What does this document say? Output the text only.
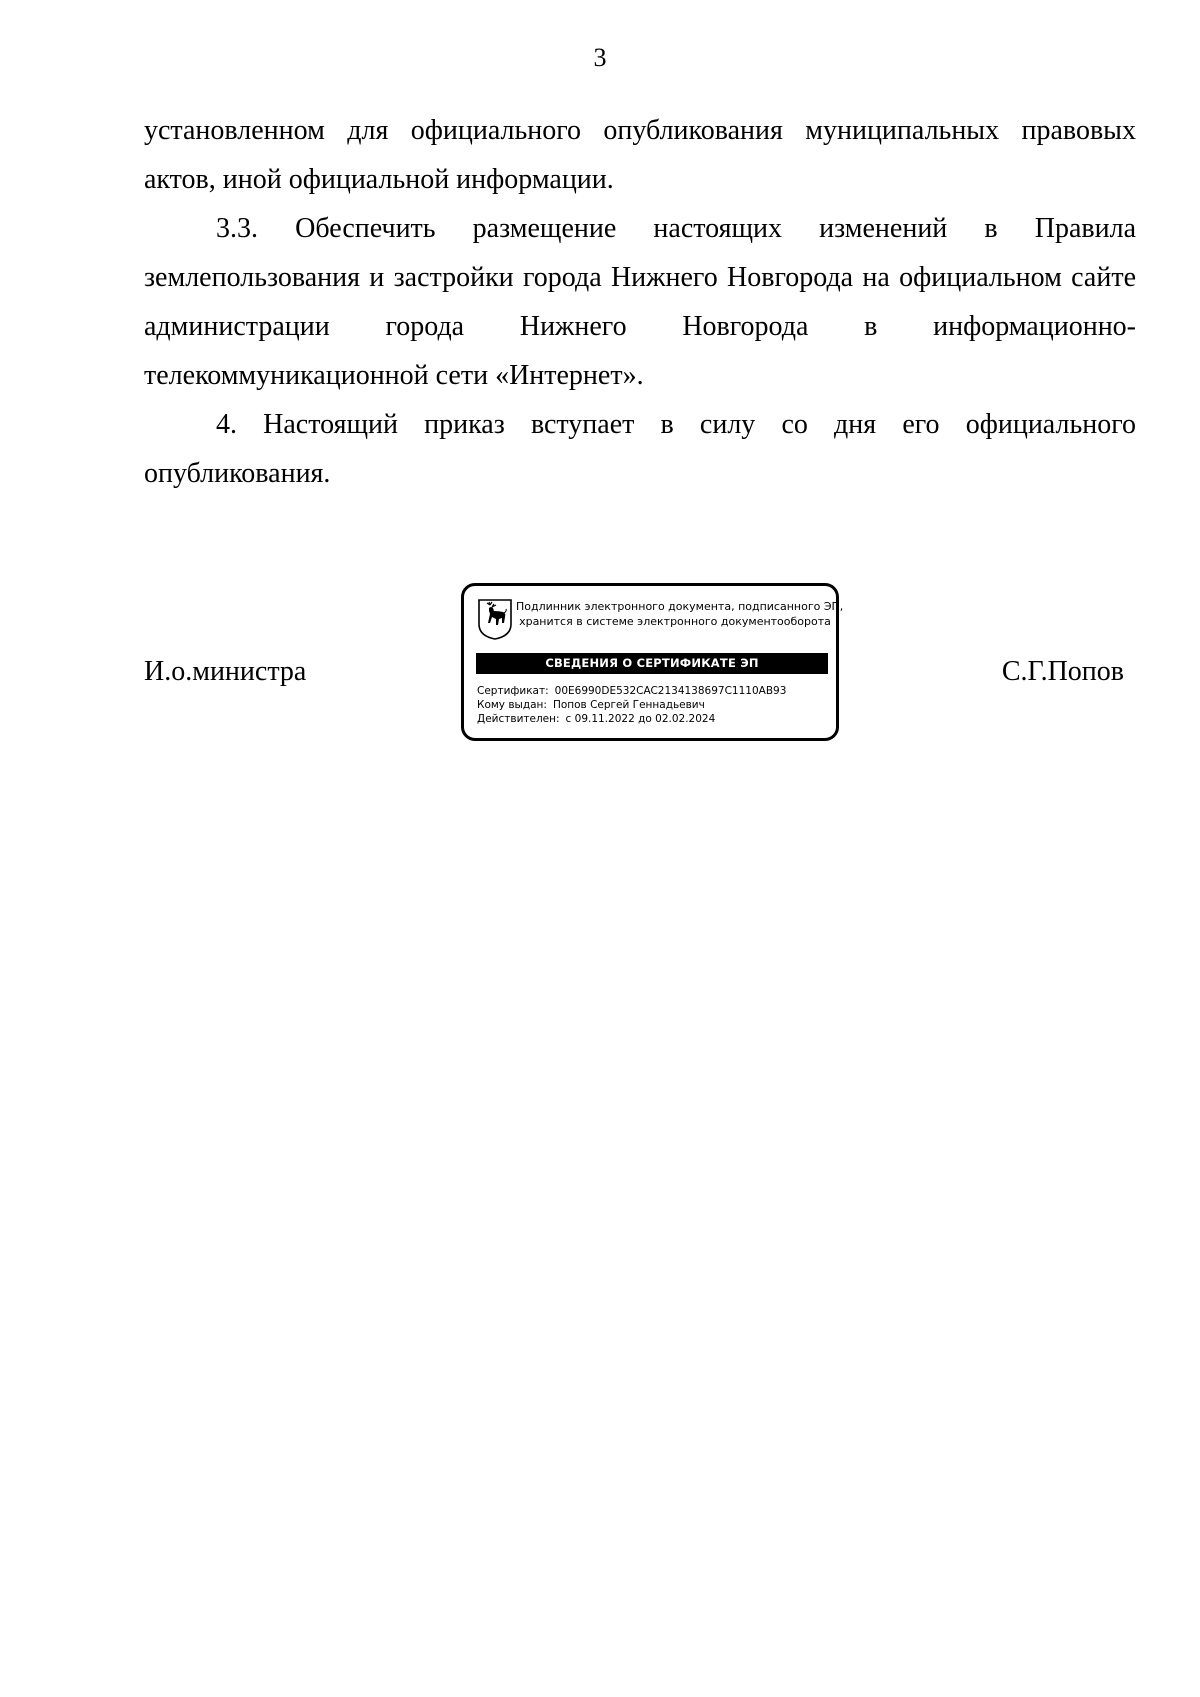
3

установленном для официального опубликования муниципальных правовых актов, иной официальной информации.

3.3. Обеспечить размещение настоящих изменений в Правила землепользования и застройки города Нижнего Новгорода на официальном сайте администрации города Нижнего Новгорода в информационно-телекоммуникационной сети «Интернет».

4. Настоящий приказ вступает в силу со дня его официального опубликования.

И.о.министра
Подлинник электронного документа, подписанного ЭП,
хранится в системе электронного документооборота
СВЕДЕНИЯ О СЕРТИФИКАТЕ ЭП
Сертификат: 00E6990DE532CAC2134138697C1110AB93
Кому выдан: Попов Сергей Геннадьевич
Действителен: с 09.11.2022 до 02.02.2024
С.Г.Попов
